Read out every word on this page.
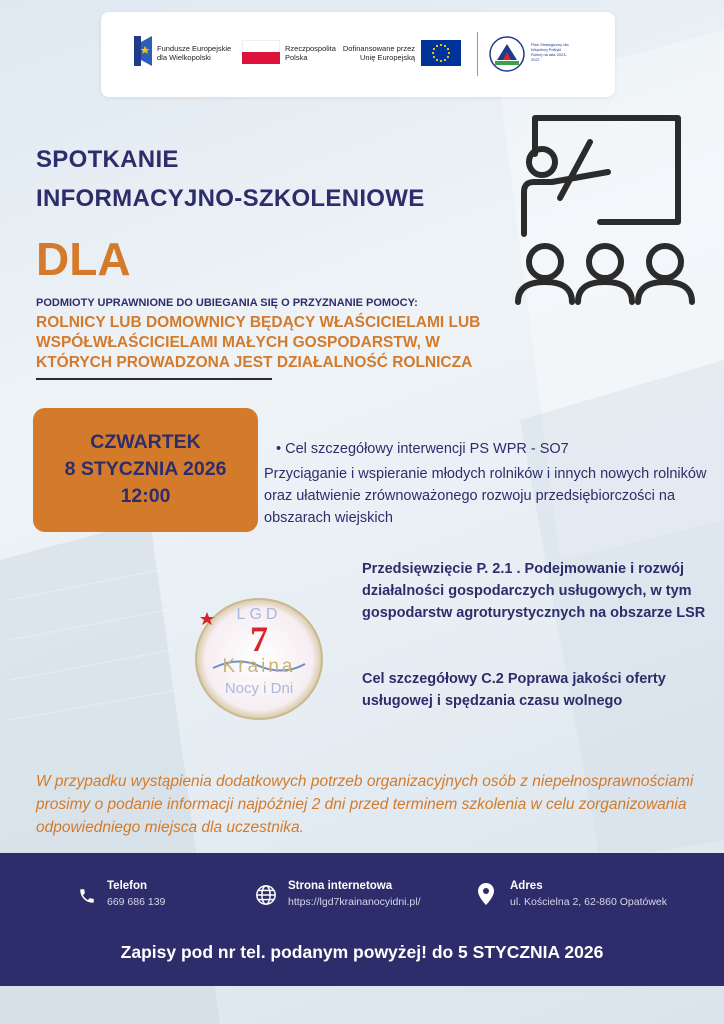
Fundusze Europejskie
dla Wielkopolski
Rzeczpospolita
Polska
Dofinansowane przez
Unię Europejską
Plan Strategiczny dla Wspólnej Polityki Rolnej na lata 2023-2027
SPOTKANIE
INFORMACYJNO-SZKOLENIOWE
DLA
PODMIOTY UPRAWNIONE DO UBIEGANIA SIĘ O PRZYZNANIE POMOCY:
ROLNICY LUB DOMOWNICY BĘDĄCY WŁAŚCICIELAMI LUB WSPÓŁWŁAŚCICIELAMI MAŁYCH GOSPODARSTW, W KTÓRYCH PROWADZONA JEST DZIAŁALNOŚĆ ROLNICZA
CZWARTEK
8 STYCZNIA 2026
12:00
• Cel szczegółowy interwencji PS WPR - SO7
Przyciąganie i wspieranie młodych rolników i innych nowych rolników oraz ułatwienie zrównoważonego rozwoju przedsiębiorczości na obszarach wiejskich
LGD
7
Kraina
Nocy i Dni
Przedsięwzięcie P. 2.1 . Podejmowanie i rozwój działalności gospodarczych usługowych, w tym gospodarstw agroturystycznych na obszarze LSR
Cel szczegółowy C.2 Poprawa jakości oferty usługowej i spędzania czasu wolnego
W przypadku wystąpienia dodatkowych potrzeb organizacyjnych osób z niepełnosprawnościami prosimy o podanie informacji najpóźniej 2 dni przed terminem szkolenia w celu zorganizowania odpowiedniego miejsca dla uczestnika.
Telefon
669 686 139
Strona internetowa
https://lgd7krainanocyidni.pl/
Adres
ul. Kościelna 2, 62-860 Opatówek
Zapisy pod nr tel. podanym powyżej! do 5 STYCZNIA 2026
